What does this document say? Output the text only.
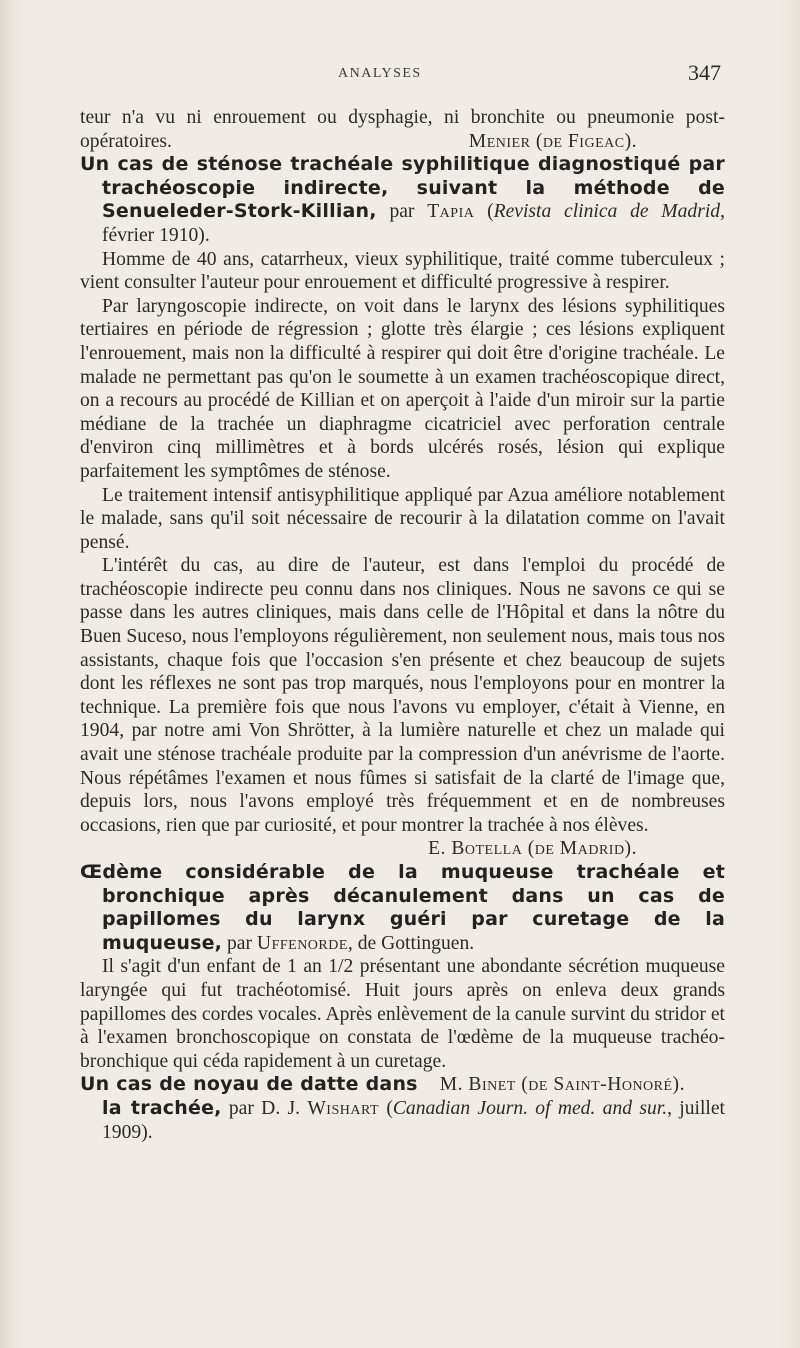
ANALYSES	347

teur n'a vu ni enrouement ou dysphagie, ni bronchite ou pneumonie post-opératoires.	Menier (de Figeac).

Un cas de sténose trachéale syphilitique diagnostiqué par trachéoscopie indirecte, suivant la méthode de Senueleder-Stork-Killian, par Tapia (Revista clinica de Madrid, février 1910).

Homme de 40 ans, catarrheux, vieux syphilitique, traité comme tuberculeux ; vient consulter l'auteur pour enrouement et difficulté progressive à respirer.

Par laryngoscopie indirecte, on voit dans le larynx des lésions syphilitiques tertiaires en période de régression ; glotte très élargie ; ces lésions expliquent l'enrouement, mais non la difficulté à respirer qui doit être d'origine trachéale. Le malade ne permettant pas qu'on le soumette à un examen trachéoscopique direct, on a recours au procédé de Killian et on aperçoit à l'aide d'un miroir sur la partie médiane de la trachée un diaphragme cicatriciel avec perforation centrale d'environ cinq millimètres et à bords ulcérés rosés, lésion qui explique parfaitement les symptômes de sténose.

Le traitement intensif antisyphilitique appliqué par Azua améliore notablement le malade, sans qu'il soit nécessaire de recourir à la dilatation comme on l'avait pensé.

L'intérêt du cas, au dire de l'auteur, est dans l'emploi du procédé de trachéoscopie indirecte peu connu dans nos cliniques. Nous ne savons ce qui se passe dans les autres cliniques, mais dans celle de l'Hôpital et dans la nôtre du Buen Suceso, nous l'employons régulièrement, non seulement nous, mais tous nos assistants, chaque fois que l'occasion s'en présente et chez beaucoup de sujets dont les réflexes ne sont pas trop marqués, nous l'employons pour en montrer la technique. La première fois que nous l'avons vu employer, c'était à Vienne, en 1904, par notre ami Von Shrötter, à la lumière naturelle et chez un malade qui avait une sténose trachéale produite par la compression d'un anévrisme de l'aorte. Nous répétâmes l'examen et nous fûmes si satisfait de la clarté de l'image que, depuis lors, nous l'avons employé très fréquemment et en de nombreuses occasions, rien que par curiosité, et pour montrer la trachée à nos élèves.

E. Botella (de Madrid).

Œdème considérable de la muqueuse trachéale et bronchique après décanulement dans un cas de papillomes du larynx guéri par curetage de la muqueuse, par Uffenorde, de Gottinguen.

Il s'agit d'un enfant de 1 an 1/2 présentant une abondante sécrétion muqueuse laryngée qui fut trachéotomisé. Huit jours après on enleva deux grands papillomes des cordes vocales. Après enlèvement de la canule survint du stridor et à l'examen bronchoscopique on constata de l'œdème de la muqueuse trachéo-bronchique qui céda rapidement à un curetage.
M. Binet (de Saint-Honoré).

Un cas de noyau de datte dans la trachée, par D. J. Wishart (Canadian Journ. of med. and sur., juillet 1909).
